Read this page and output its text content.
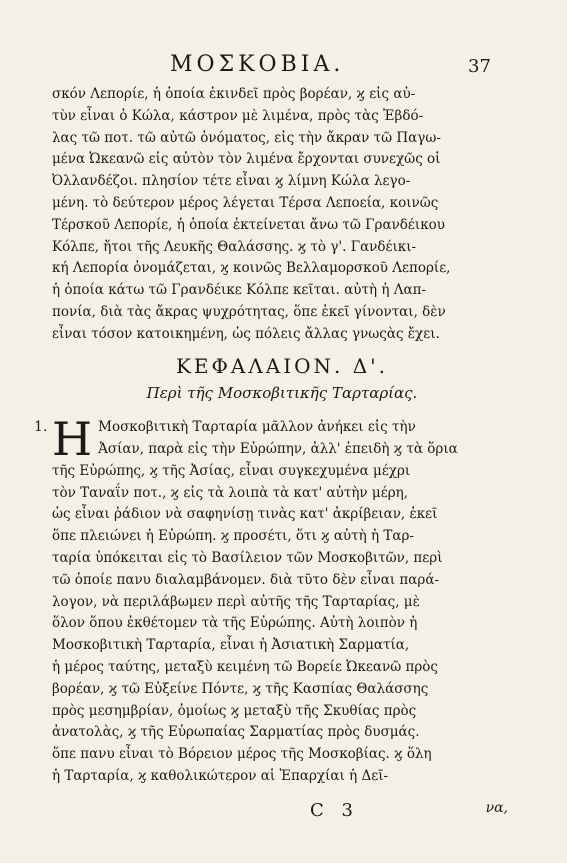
ΜΟΣΚΟΒΙΑ.	37
σκόν Λεπορίε, ἡ ὁποία ἐκινδεῖ πρὸς βορέαν, ϗ εἰς αὐ-
τὺν εἶναι ὁ Κώλα, κάστρον μὲ λιμένα, πρὸς τὰς Ἐβδό-
λας τῶ ποτ. τῶ αὐτῶ ὀνόματος, εἰς τὴν ἄκραν τῶ Παγω-
μένα Ὠκεανῶ εἰς αὐτὸν τὸν λιμένα ἔρχονται συνεχῶς οἱ
Ὀλλανδέζοι. πλησίον τέτε εἶναι ϗ λίμνη Κώλα λεγο-
μένη. τὸ δεύτερον μέρος λέγεται Τέρσα Λεποεία, κοινῶς
Τέρσκοῦ Λεπορίε, ἡ ὁποία ἐκτείνεται ἄνω τῶ Γρανδέικου
Κόλπε, ἤτοι τῆς Λευκῆς Θαλάσσης. ϗ τὸ γ'. Γανδέικι-
κή Λεπορία ὀνομάζεται, ϗ κοινῶς Βελλαμορσκοῦ Λεπορίε,
ἡ ὁποία κάτω τῶ Γρανδέικε Κόλπε κεῖται. αὐτὴ ἡ Λαπ-
πονία, διὰ τὰς ἄκρας ψυχρότητας, ὅπε ἐκεῖ γίνονται, δὲν
εἶναι τόσον κατοικημένη, ὡς πόλεις ἄλλας γνωςὰς ἔχει.
ΚΕΦΑΛΑΙΟΝ. Δ'.
Περὶ τῆς Μοσκοβιτικῆς Ταρταρίας.
1. Η Μοσκοβιτικὴ Ταρταρία μᾶλλον ἀνήκει εἰς τὴν
Ἀσίαν, παρὰ εἰς τὴν Εὐρώπην, ἀλλ' ἐπειδὴ ϗ τὰ ὅρια
τῆς Εὐρώπης, ϗ τῆς Ἀσίας, εἶναι συγκεχυμένα μέχρι
τὸν Ταναΐν ποτ., ϗ εἰς τὰ λοιπὰ τὰ κατ' αὐτὴν μέρη,
ὡς εἶναι ῥάδιον νὰ σαφηνίσῃ τινὰς κατ' ἀκρίβειαν, ἐκεῖ
ὅπε πλειώνει ἡ Εὐρώπη. ϗ προσέτι, ὅτι ϗ αὐτὴ ἡ Ταρ-
ταρία ὑπόκειται εἰς τὸ Βασίλειον τῶν Μοσκοβιτῶν, περὶ
τῶ ὁποίε πανυ διαλαμβάνομεν. διὰ τῦτο δὲν εἶναι παρά-
λογον, νὰ περιλάβωμεν περὶ αὐτῆς τῆς Ταρταρίας, μὲ
ὅλον ὅπου ἐκθέτομεν τὰ τῆς Εὐρώπης. Αὐτὴ λοιπὸν ἡ
Μοσκοβιτικὴ Ταρταρία, εἶναι ἡ Ἀσιατικὴ Σαρματία,
ἡ μέρος ταύτης, μεταξὺ κειμένη τῶ Βορείε Ὠκεανῶ πρὸς
βορέαν, ϗ τῶ Εὐξείνε Πόντε, ϗ τῆς Κασπίας Θαλάσσης
πρὸς μεσημβρίαν, ὁμοίως ϗ μεταξὺ τῆς Σκυθίας πρὸς
ἀνατολὰς, ϗ τῆς Εὐρωπαίας Σαρματίας πρὸς δυσμάς.
ὅπε πανυ εἶναι τὸ Βόρειον μέρος τῆς Μοσκοβίας. ϗ ὅλη
ἡ Ταρταρία, ϗ καθολικώτερον αἱ Ἐπαρχίαι ἡ Δεῖ-
C 3	να,
